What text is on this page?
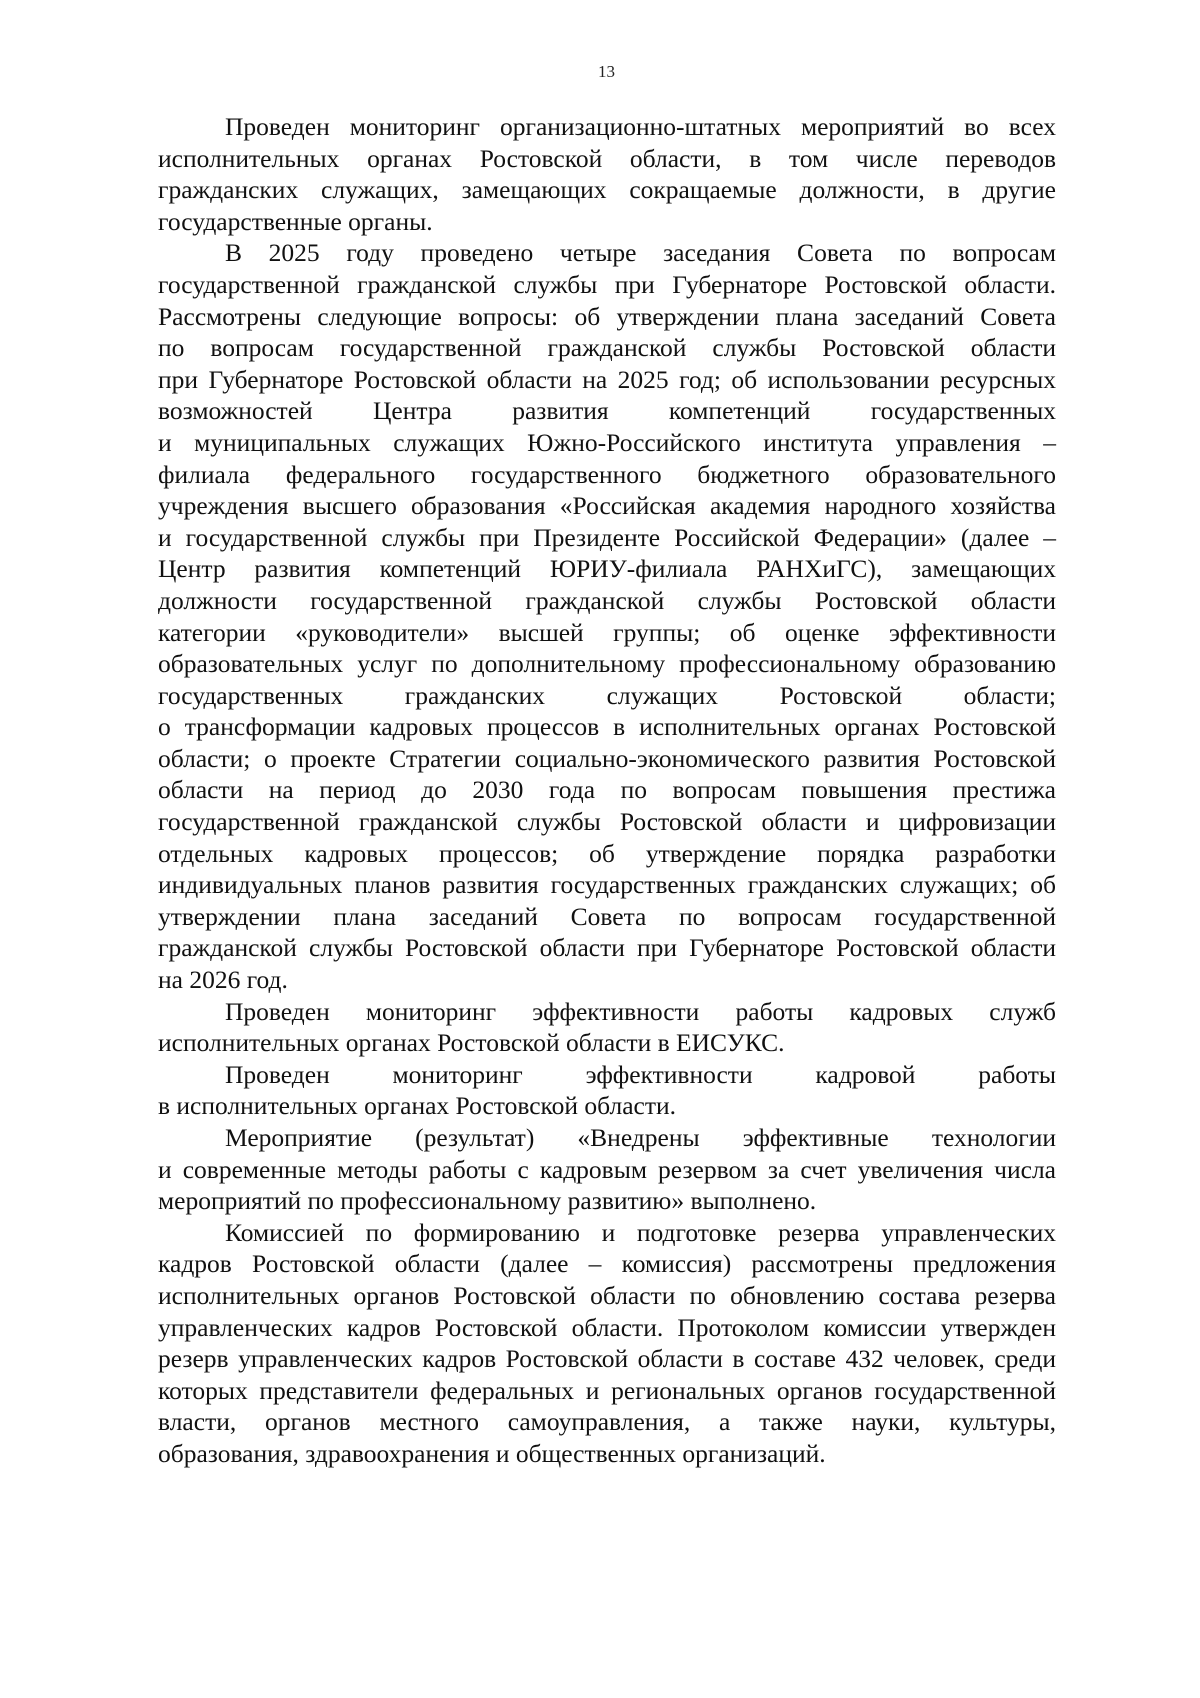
13
Проведен мониторинг организационно-штатных мероприятий во всех
исполнительных органах Ростовской области, в том числе переводов
гражданских служащих, замещающих сокращаемые должности, в другие
государственные органы.
В 2025 году проведено четыре заседания Совета по вопросам
государственной гражданской службы при Губернаторе Ростовской области.
Рассмотрены следующие вопросы: об утверждении плана заседаний Совета
по вопросам государственной гражданской службы Ростовской области
при Губернаторе Ростовской области на 2025 год; об использовании ресурсных
возможностей Центра развития компетенций государственных
и муниципальных служащих Южно-Российского института управления –
филиала федерального государственного бюджетного образовательного
учреждения высшего образования «Российская академия народного хозяйства
и государственной службы при Президенте Российской Федерации» (далее –
Центр развития компетенций ЮРИУ-филиала РАНХиГС), замещающих
должности государственной гражданской службы Ростовской области
категории «руководители» высшей группы; об оценке эффективности
образовательных услуг по дополнительному профессиональному образованию
государственных гражданских служащих Ростовской области;
о трансформации кадровых процессов в исполнительных органах Ростовской
области; о проекте Стратегии социально-экономического развития Ростовской
области на период до 2030 года по вопросам повышения престижа
государственной гражданской службы Ростовской области и цифровизации
отдельных кадровых процессов; об утверждение порядка разработки
индивидуальных планов развития государственных гражданских служащих; об
утверждении плана заседаний Совета по вопросам государственной
гражданской службы Ростовской области при Губернаторе Ростовской области
на 2026 год.
Проведен мониторинг эффективности работы кадровых служб
исполнительных органах Ростовской области в ЕИСУКС.
Проведен мониторинг эффективности кадровой работы
в исполнительных органах Ростовской области.
Мероприятие (результат) «Внедрены эффективные технологии
и современные методы работы с кадровым резервом за счет увеличения числа
мероприятий по профессиональному развитию» выполнено.
Комиссией по формированию и подготовке резерва управленческих
кадров Ростовской области (далее – комиссия) рассмотрены предложения
исполнительных органов Ростовской области по обновлению состава резерва
управленческих кадров Ростовской области. Протоколом комиссии утвержден
резерв управленческих кадров Ростовской области в составе 432 человек, среди
которых представители федеральных и региональных органов государственной
власти, органов местного самоуправления, а также науки, культуры,
образования, здравоохранения и общественных организаций.
